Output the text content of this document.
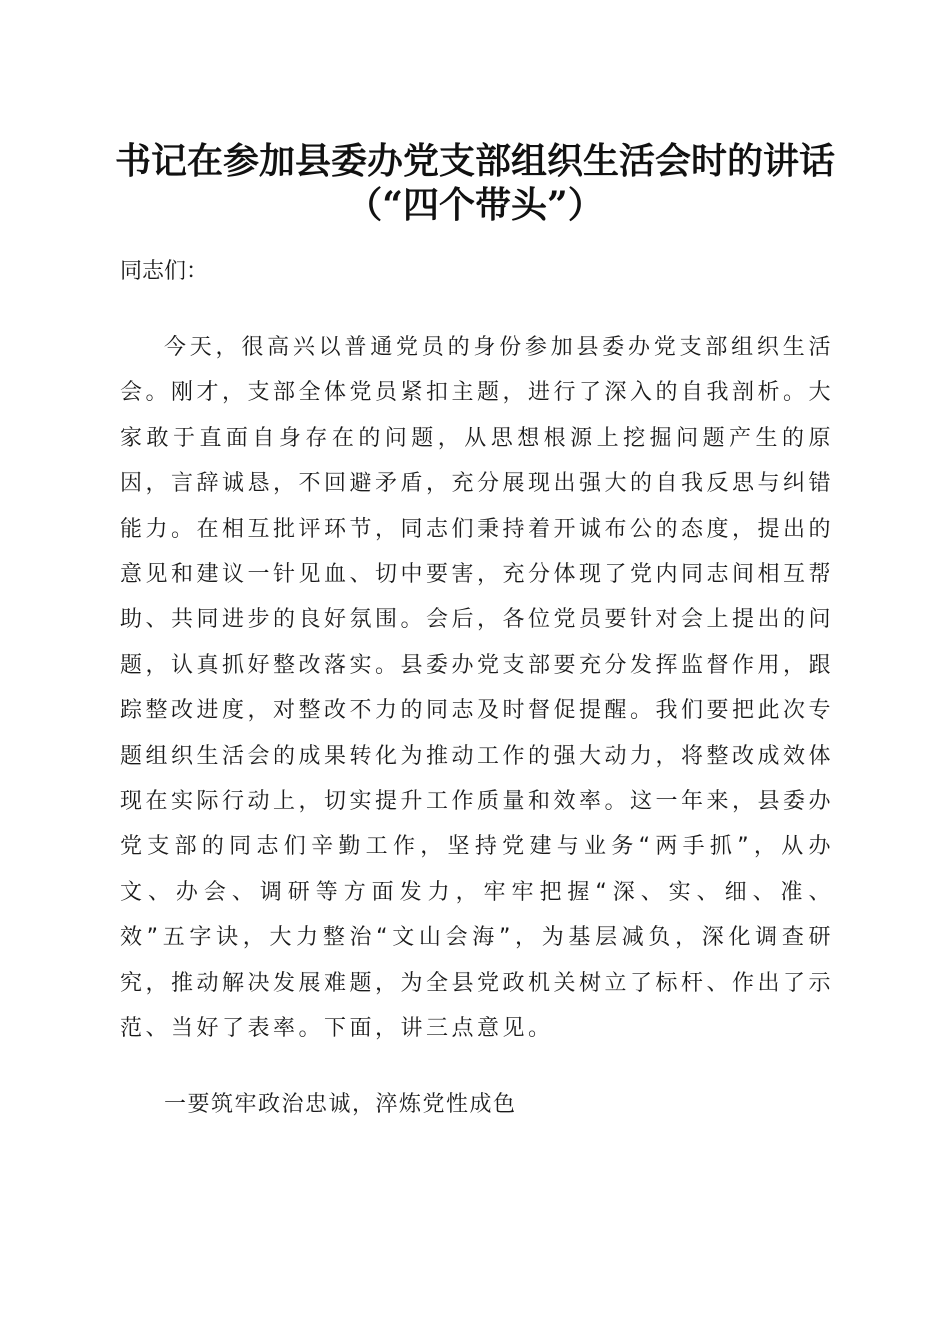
书记在参加县委办党支部组织生活会时的讲话
（“四个带头”）
同志们：
今天，很高兴以普通党员的身份参加县委办党支部组织生活会。刚才，支部全体党员紧扣主题，进行了深入的自我剖析。大家敢于直面自身存在的问题，从思想根源上挖掘问题产生的原因，言辞诚恳，不回避矛盾，充分展现出强大的自我反思与纠错能力。在相互批评环节，同志们秉持着开诚布公的态度，提出的意见和建议一针见血、切中要害，充分体现了党内同志间相互帮助、共同进步的良好氛围。会后，各位党员要针对会上提出的问题，认真抓好整改落实。县委办党支部要充分发挥监督作用，跟踪整改进度，对整改不力的同志及时督促提醒。我们要把此次专题组织生活会的成果转化为推动工作的强大动力，将整改成效体现在实际行动上，切实提升工作质量和效率。这一年来，县委办党支部的同志们辛勤工作，坚持党建与业务“两手抓”，从办文、办会、调研等方面发力，牢牢把握“深、实、细、准、效”五字诀，大力整治“文山会海”，为基层减负，深化调查研究，推动解决发展难题，为全县党政机关树立了标杆、作出了示范、当好了表率。下面，讲三点意见。
一要筑牢政治忠诚，淬炼党性成色
